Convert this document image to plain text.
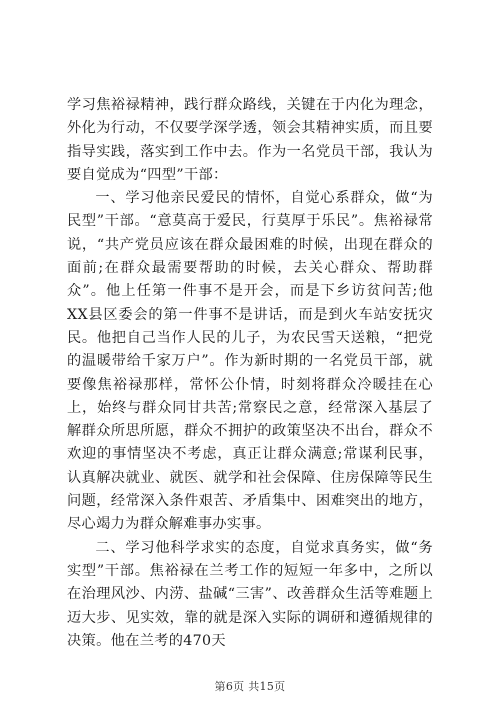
学习焦裕禄精神，践行群众路线，关键在于内化为理念，外化为行动，不仅要学深学透，领会其精神实质，而且要指导实践，落实到工作中去。作为一名党员干部，我认为要自觉成为“四型”干部：

一、学习他亲民爱民的情怀，自觉心系群众，做“为民型”干部。“意莫高于爱民，行莫厚于乐民”。焦裕禄常说，“共产党员应该在群众最困难的时候，出现在群众的面前;在群众最需要帮助的时候，去关心群众、帮助群众”。他上任第一件事不是开会，而是下乡访贫问苦;他XX县区委会的第一件事不是讲话，而是到火车站安抚灾民。他把自己当作人民的儿子，为农民雪天送粮，“把党的温暖带给千家万户”。作为新时期的一名党员干部，就要像焦裕禄那样，常怀公仆情，时刻将群众冷暖挂在心上，始终与群众同甘共苦;常察民之意，经常深入基层了解群众所思所愿，群众不拥护的政策坚决不出台，群众不欢迎的事情坚决不考虑，真正让群众满意;常谋利民事，认真解决就业、就医、就学和社会保障、住房保障等民生问题，经常深入条件艰苦、矛盾集中、困难突出的地方，尽心竭力为群众解难事办实事。

二、学习他科学求实的态度，自觉求真务实，做“务实型”干部。焦裕禄在兰考工作的短短一年多中，之所以在治理风沙、内涝、盐碱“三害”、改善群众生活等难题上迈大步、见实效，靠的就是深入实际的调研和遵循规律的决策。他在兰考的470天

第6页 共15页
